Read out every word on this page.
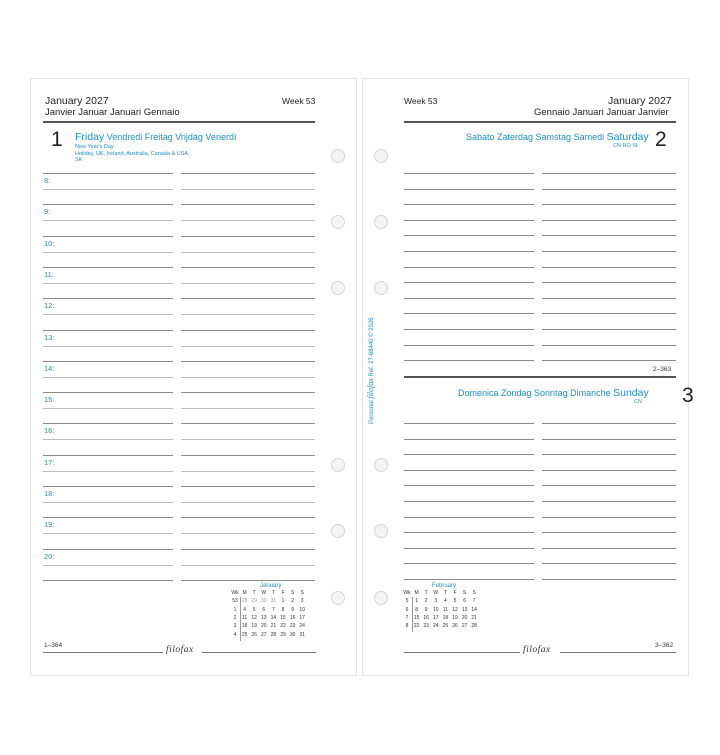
January 2027
Janvier Januar Januari Gennaio
Week 53
1 Friday Vendredi Freitag Vrijdag Venerdì
New Year's Day
Holiday, UK, Ireland, Australia, Canada & USA
SK
8:
9:
10:
11:
12:
13:
14:
15:
16:
17:
18:
19:
20:
January
Wk M	T	W	T	F	S	S
53 28 29 30 31	1	2	3
1	4	5	6	7	8	9	10
2	11 12 13 14 15 16 17
3	18 19 20 21 22 23 24
4	25 26 27 28 29 30 31
1–364	filofax
Week 53	January 2027
Gennaio Januari Januar Janvier
Sabato Zaterdag Samstag Samedi Saturday
CN RO SI 2
2–363
Domenica Zondag Sonntag Dimanche Sunday
CN 3
February
Wk M	T	W	T	F	S	S
5	1	2	3	4	5	6	7
6	8	9	10 11 12 13 14
7	15 16 17 18 19 20 21
8	22 23 24 25 26 27 28
filofax	3–362
Personal filofax Ref. 27-68440 © 2026
